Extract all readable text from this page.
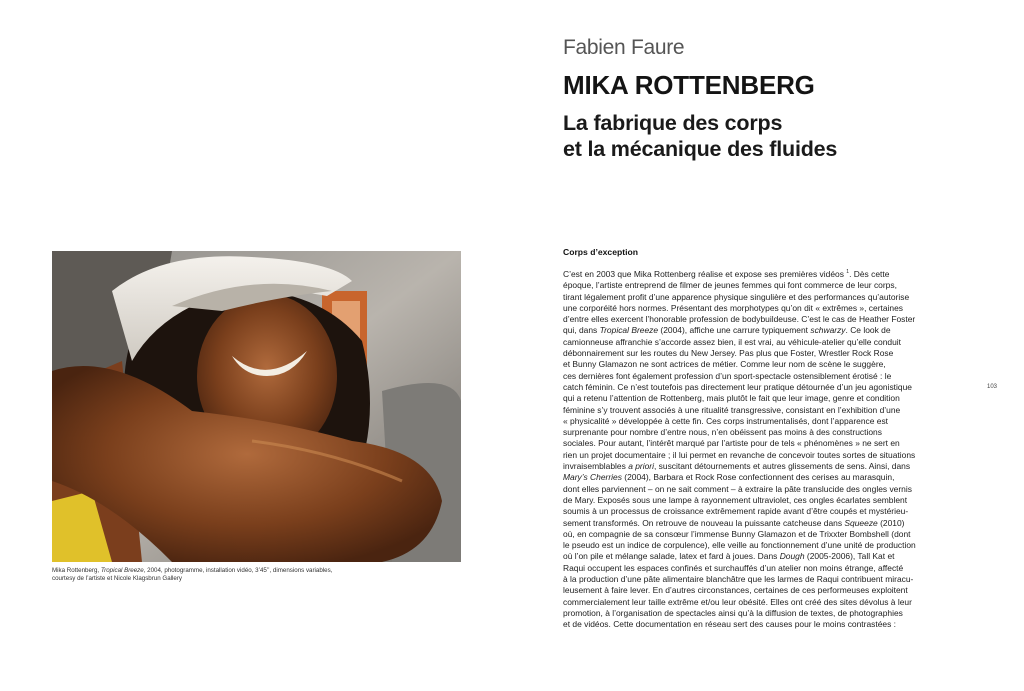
Mika Rottenberg, Tropical Breeze, 2004, photogramme, installation vidéo, 3’45’’, dimensions variables,
courtesy de l’artiste et Nicole Klagsbrun Gallery
Fabien Faure
MIKA ROTTENBERG
La fabrique des corps
et la mécanique des fluides
Corps d’exception
C’est en 2003 que Mika Rottenberg réalise et expose ses premières vidéos $^1$. Dès cette
époque, l’artiste entreprend de filmer de jeunes femmes qui font commerce de leur corps,
tirant légalement profit d’une apparence physique singulière et des performances qu’autorise
une corporéité hors normes. Présentant des morphotypes qu’on dit « extrêmes », certaines
d’entre elles exercent l’honorable profession de bodybuildeuse. C’est le cas de Heather Foster
qui, dans Tropical Breeze (2004), affiche une carrure typiquement schwarzy. Ce look de
camionneuse affranchie s’accorde assez bien, il est vrai, au véhicule-atelier qu’elle conduit
débonnairement sur les routes du New Jersey. Pas plus que Foster, Wrestler Rock Rose
et Bunny Glamazon ne sont actrices de métier. Comme leur nom de scène le suggère,
ces dernières font également profession d’un sport-spectacle ostensiblement érotisé : le
catch féminin. Ce n’est toutefois pas directement leur pratique détournée d’un jeu agonistique
qui a retenu l’attention de Rottenberg, mais plutôt le fait que leur image, genre et condition
féminine s’y trouvent associés à une ritualité transgressive, consistant en l’exhibition d’une
« physicalité » développée à cette fin. Ces corps instrumentalisés, dont l’apparence est
surprenante pour nombre d’entre nous, n’en obéissent pas moins à des constructions
sociales. Pour autant, l’intérêt marqué par l’artiste pour de tels « phénomènes » ne sert en
rien un projet documentaire ; il lui permet en revanche de concevoir toutes sortes de situations
invraisemblables a priori, suscitant détournements et autres glissements de sens. Ainsi, dans
Mary’s Cherries (2004), Barbara et Rock Rose confectionnent des cerises au marasquin,
dont elles parviennent – on ne sait comment – à extraire la pâte translucide des ongles vernis
de Mary. Exposés sous une lampe à rayonnement ultraviolet, ces ongles écarlates semblent
soumis à un processus de croissance extrêmement rapide avant d’être coupés et mystérieu-
sement transformés. On retrouve de nouveau la puissante catcheuse dans Squeeze (2010)
où, en compagnie de sa consœur l’immense Bunny Glamazon et de Trixxter Bombshell (dont
le pseudo est un indice de corpulence), elle veille au fonctionnement d’une unité de production
où l’on pile et mélange salade, latex et fard à joues. Dans Dough (2005-2006), Tall Kat et
Raqui occupent les espaces confinés et surchauffés d’un atelier non moins étrange, affecté
à la production d’une pâte alimentaire blanchâtre que les larmes de Raqui contribuent miracu-
leusement à faire lever. En d’autres circonstances, certaines de ces performeuses exploitent
commercialement leur taille extrême et/ou leur obésité. Elles ont créé des sites dévolus à leur
promotion, à l’organisation de spectacles ainsi qu’à la diffusion de textes, de photographies
et de vidéos. Cette documentation en réseau sert des causes pour le moins contrastées :
103
